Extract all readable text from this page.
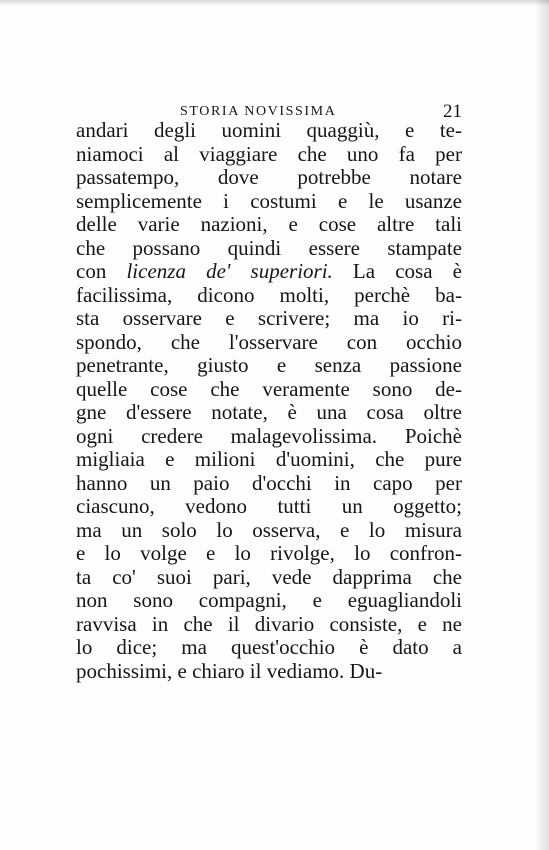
STORIA NOVISSIMA	21
andari degli uomini quaggiù, e te-
niamoci al viaggiare che uno fa per
passatempo, dove potrebbe notare
semplicemente i costumi e le usanze
delle varie nazioni, e cose altre tali
che possano quindi essere stampate
con licenza de' superiori. La cosa è
facilissima, dicono molti, perchè ba-
sta osservare e scrivere; ma io ri-
spondo, che l'osservare con occhio
penetrante, giusto e senza passione
quelle cose che veramente sono de-
gne d'essere notate, è una cosa oltre
ogni credere malagevolissima. Poichè
migliaia e milioni d'uomini, che pure
hanno un paio d'occhi in capo per
ciascuno, vedono tutti un oggetto;
ma un solo lo osserva, e lo misura
e lo volge e lo rivolge, lo confron-
ta co' suoi pari, vede dapprima che
non sono compagni, e eguagliandoli
ravvisa in che il divario consiste, e ne
lo dice; ma quest'occhio è dato a
pochissimi, e chiaro il vediamo. Du-
